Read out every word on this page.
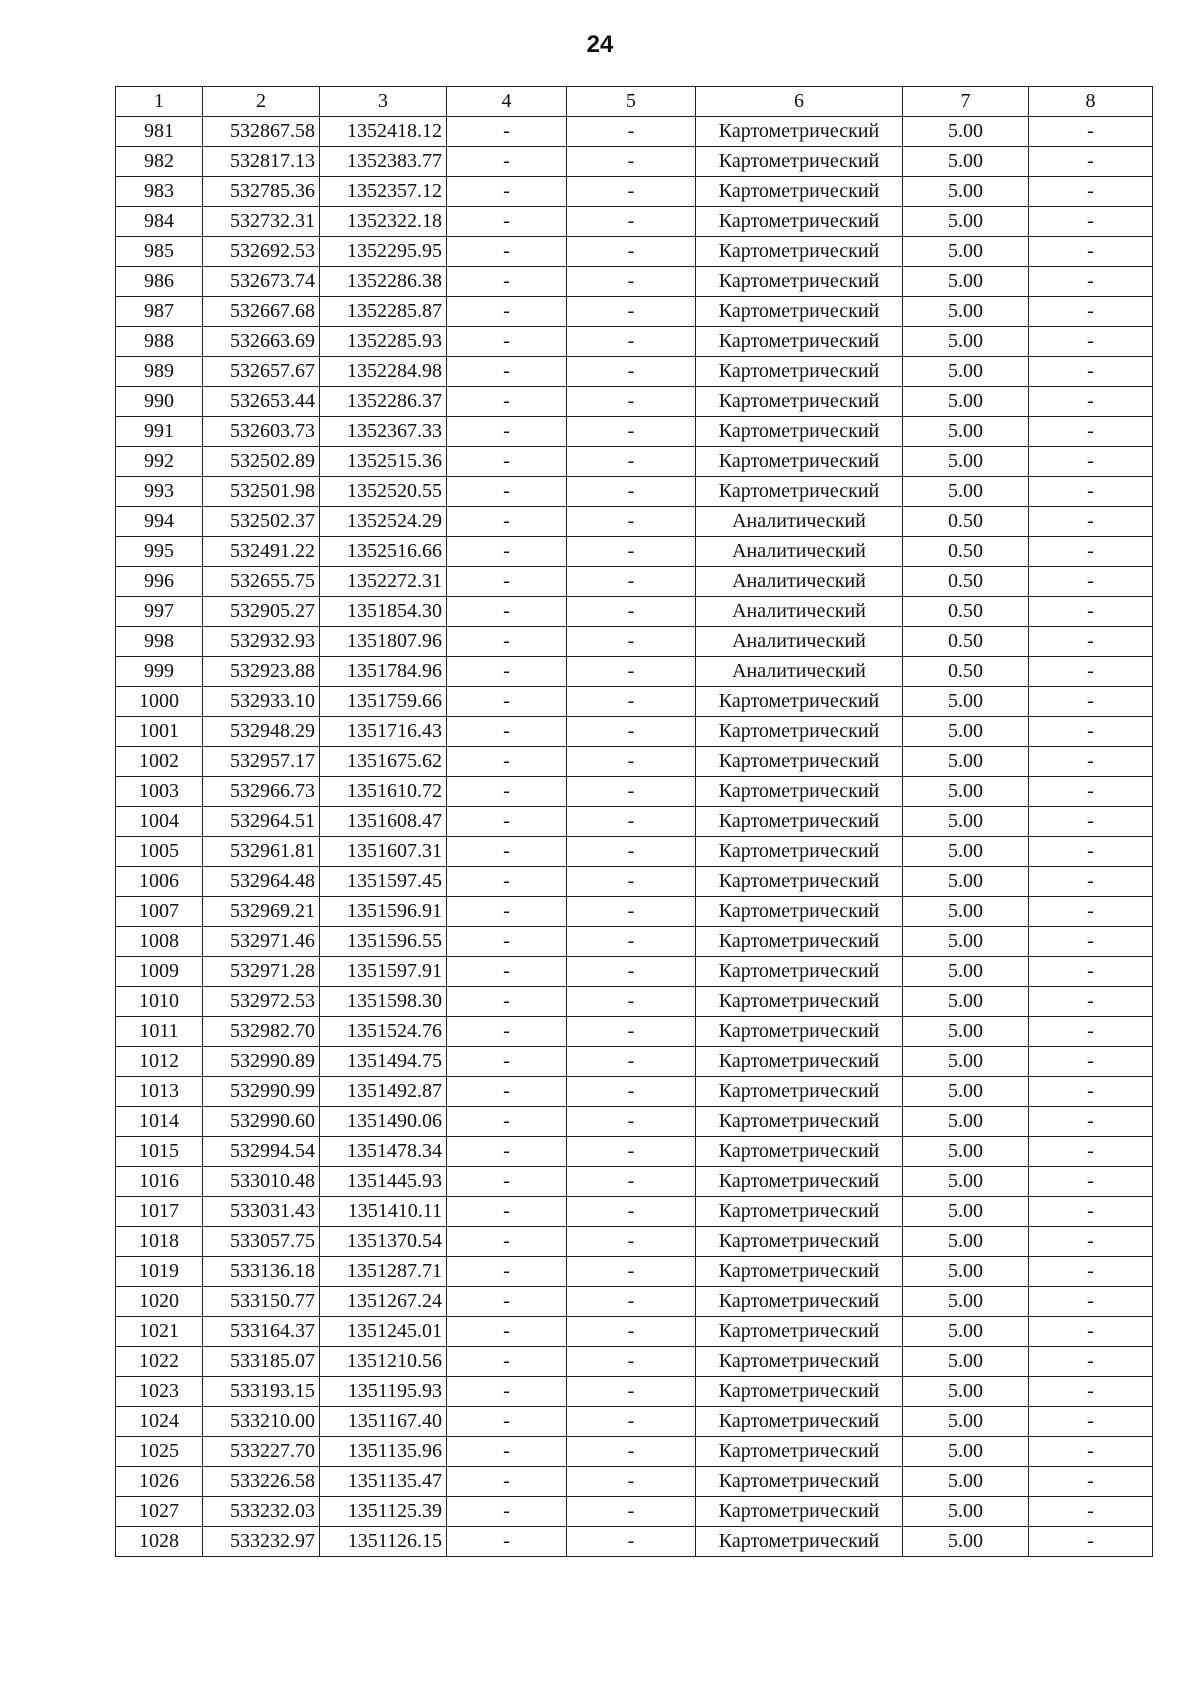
24
1	2	3	4	5	6	7	8
981	532867.58	1352418.12	-	-	Картометрический	5.00	-
982	532817.13	1352383.77	-	-	Картометрический	5.00	-
983	532785.36	1352357.12	-	-	Картометрический	5.00	-
984	532732.31	1352322.18	-	-	Картометрический	5.00	-
985	532692.53	1352295.95	-	-	Картометрический	5.00	-
986	532673.74	1352286.38	-	-	Картометрический	5.00	-
987	532667.68	1352285.87	-	-	Картометрический	5.00	-
988	532663.69	1352285.93	-	-	Картометрический	5.00	-
989	532657.67	1352284.98	-	-	Картометрический	5.00	-
990	532653.44	1352286.37	-	-	Картометрический	5.00	-
991	532603.73	1352367.33	-	-	Картометрический	5.00	-
992	532502.89	1352515.36	-	-	Картометрический	5.00	-
993	532501.98	1352520.55	-	-	Картометрический	5.00	-
994	532502.37	1352524.29	-	-	Аналитический	0.50	-
995	532491.22	1352516.66	-	-	Аналитический	0.50	-
996	532655.75	1352272.31	-	-	Аналитический	0.50	-
997	532905.27	1351854.30	-	-	Аналитический	0.50	-
998	532932.93	1351807.96	-	-	Аналитический	0.50	-
999	532923.88	1351784.96	-	-	Аналитический	0.50	-
1000	532933.10	1351759.66	-	-	Картометрический	5.00	-
1001	532948.29	1351716.43	-	-	Картометрический	5.00	-
1002	532957.17	1351675.62	-	-	Картометрический	5.00	-
1003	532966.73	1351610.72	-	-	Картометрический	5.00	-
1004	532964.51	1351608.47	-	-	Картометрический	5.00	-
1005	532961.81	1351607.31	-	-	Картометрический	5.00	-
1006	532964.48	1351597.45	-	-	Картометрический	5.00	-
1007	532969.21	1351596.91	-	-	Картометрический	5.00	-
1008	532971.46	1351596.55	-	-	Картометрический	5.00	-
1009	532971.28	1351597.91	-	-	Картометрический	5.00	-
1010	532972.53	1351598.30	-	-	Картометрический	5.00	-
1011	532982.70	1351524.76	-	-	Картометрический	5.00	-
1012	532990.89	1351494.75	-	-	Картометрический	5.00	-
1013	532990.99	1351492.87	-	-	Картометрический	5.00	-
1014	532990.60	1351490.06	-	-	Картометрический	5.00	-
1015	532994.54	1351478.34	-	-	Картометрический	5.00	-
1016	533010.48	1351445.93	-	-	Картометрический	5.00	-
1017	533031.43	1351410.11	-	-	Картометрический	5.00	-
1018	533057.75	1351370.54	-	-	Картометрический	5.00	-
1019	533136.18	1351287.71	-	-	Картометрический	5.00	-
1020	533150.77	1351267.24	-	-	Картометрический	5.00	-
1021	533164.37	1351245.01	-	-	Картометрический	5.00	-
1022	533185.07	1351210.56	-	-	Картометрический	5.00	-
1023	533193.15	1351195.93	-	-	Картометрический	5.00	-
1024	533210.00	1351167.40	-	-	Картометрический	5.00	-
1025	533227.70	1351135.96	-	-	Картометрический	5.00	-
1026	533226.58	1351135.47	-	-	Картометрический	5.00	-
1027	533232.03	1351125.39	-	-	Картометрический	5.00	-
1028	533232.97	1351126.15	-	-	Картометрический	5.00	-
